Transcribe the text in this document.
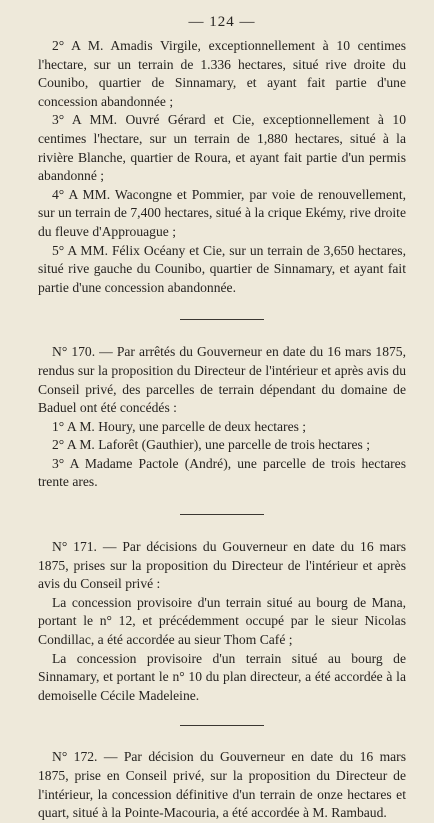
— 124 —

2° A M. Amadis Virgile, exceptionnellement à 10 centimes l'hectare, sur un terrain de 1.336 hectares, situé rive droite du Counibo, quartier de Sinnamary, et ayant fait partie d'une concession abandonnée ;

3° A MM. Ouvré Gérard et Cie, exceptionnellement à 10 centimes l'hectare, sur un terrain de 1,880 hectares, situé à la rivière Blanche, quartier de Roura, et ayant fait partie d'un permis abandonné ;

4° A MM. Wacongne et Pommier, par voie de renouvellement, sur un terrain de 7,400 hectares, situé à la crique Ekémy, rive droite du fleuve d'Approuague ;

5° A MM. Félix Océany et Cie, sur un terrain de 3,650 hectares, situé rive gauche du Counibo, quartier de Sinnamary, et ayant fait partie d'une concession abandonnée.

N° 170. — Par arrêtés du Gouverneur en date du 16 mars 1875, rendus sur la proposition du Directeur de l'intérieur et après avis du Conseil privé, des parcelles de terrain dépendant du domaine de Baduel ont été concédés :

1° A M. Houry, une parcelle de deux hectares ;

2° A M. Laforêt (Gauthier), une parcelle de trois hectares ;

3° A Madame Pactole (André), une parcelle de trois hectares trente ares.

N° 171. — Par décisions du Gouverneur en date du 16 mars 1875, prises sur la proposition du Directeur de l'intérieur et après avis du Conseil privé :

La concession provisoire d'un terrain situé au bourg de Mana, portant le n° 12, et précédemment occupé par le sieur Nicolas Condillac, a été accordée au sieur Thom Café ;

La concession provisoire d'un terrain situé au bourg de Sinnamary, et portant le n° 10 du plan directeur, a été accordée à la demoiselle Cécile Madeleine.

N° 172. — Par décision du Gouverneur en date du 16 mars 1875, prise en Conseil privé, sur la proposition du Directeur de l'intérieur, la concession définitive d'un terrain de onze hectares et quart, situé à la Pointe-Macouria, a été accordée à M. Rambaud.
